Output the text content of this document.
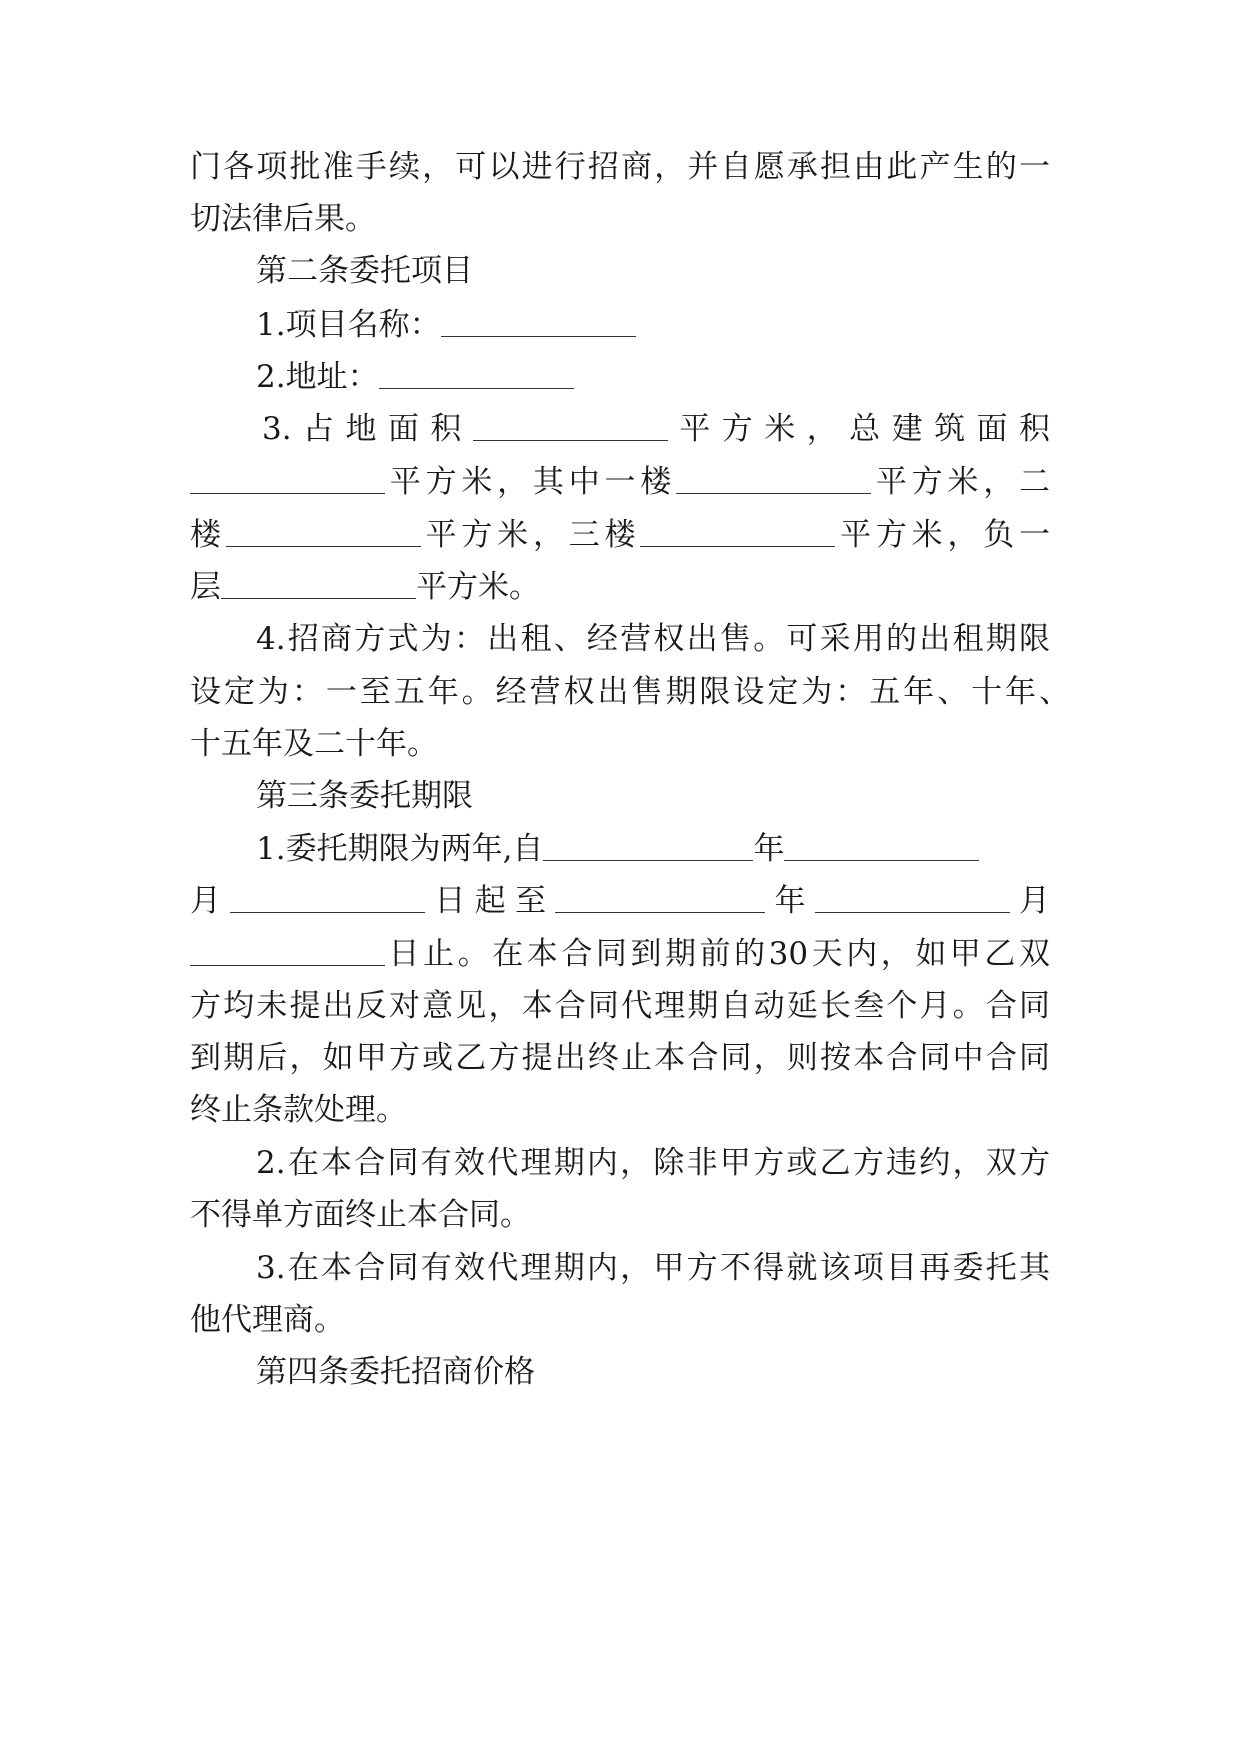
门各项批准手续，可以进行招商，并自愿承担由此产生的一

切法律后果。

第二条委托项目

1.项目名称：

2.地址：

3.占地面积	平方米，总建筑面积

平方米，其中一楼	平方米，二

楼	平方米，三楼	平方米，负一

层	平方米。

4.招商方式为：出租、经营权出售。可采用的出租期限

设定为：一至五年。经营权出售期限设定为：五年、十年、

十五年及二十年。

第三条委托期限

1.委托期限为两年,自	年

月	日起至	年	月

日止。在本合同到期前的30天内，如甲乙双

方均未提出反对意见，本合同代理期自动延长叁个月。合同

到期后，如甲方或乙方提出终止本合同，则按本合同中合同

终止条款处理。

2.在本合同有效代理期内，除非甲方或乙方违约，双方

不得单方面终止本合同。

3.在本合同有效代理期内，甲方不得就该项目再委托其

他代理商。

第四条委托招商价格
